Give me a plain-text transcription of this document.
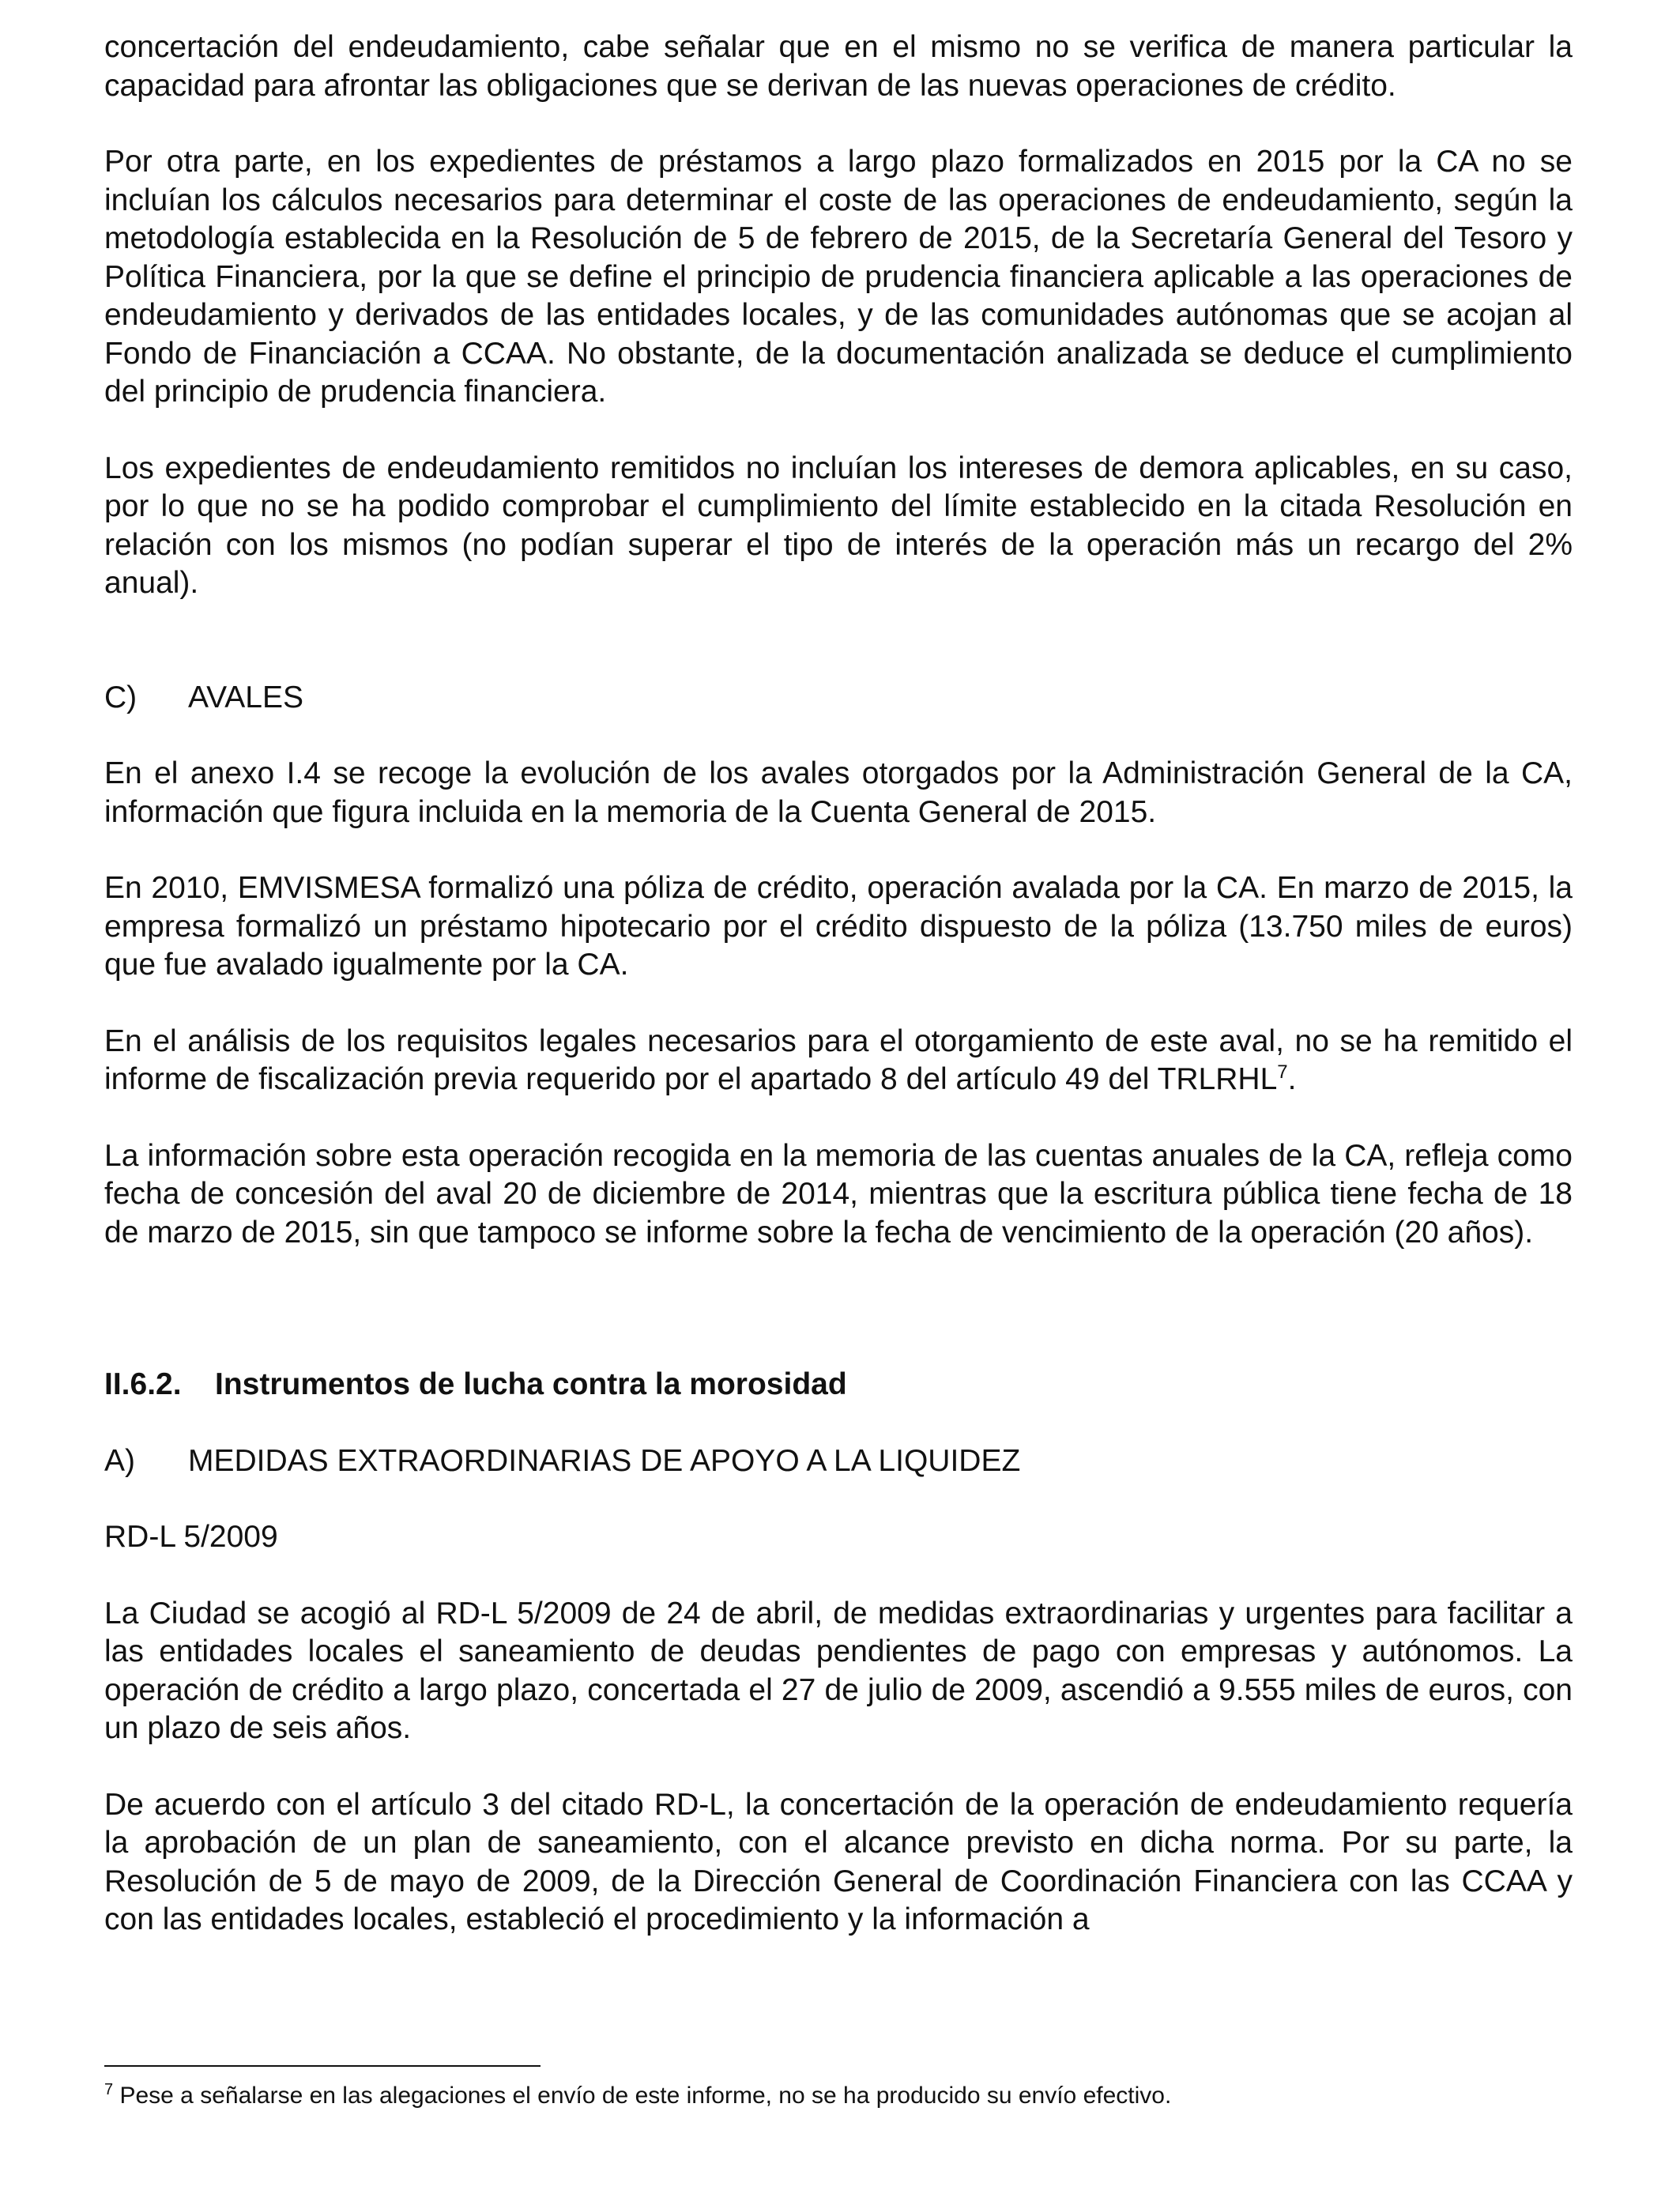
concertación del endeudamiento, cabe señalar que en el mismo no se verifica de manera particular la capacidad para afrontar las obligaciones que se derivan de las nuevas operaciones de crédito.

Por otra parte, en los expedientes de préstamos a largo plazo formalizados en 2015 por la CA no se incluían los cálculos necesarios para determinar el coste de las operaciones de endeudamiento, según la metodología establecida en la Resolución de 5 de febrero de 2015, de la Secretaría General del Tesoro y Política Financiera, por la que se define el principio de prudencia financiera aplicable a las operaciones de endeudamiento y derivados de las entidades locales, y de las comunidades autónomas que se acojan al Fondo de Financiación a CCAA. No obstante, de la documentación analizada se deduce el cumplimiento del principio de prudencia financiera.

Los expedientes de endeudamiento remitidos no incluían los intereses de demora aplicables, en su caso, por lo que no se ha podido comprobar el cumplimiento del límite establecido en la citada Resolución en relación con los mismos (no podían superar el tipo de interés de la operación más un recargo del 2% anual).

C)	AVALES

En el anexo I.4 se recoge la evolución de los avales otorgados por la Administración General de la CA, información que figura incluida en la memoria de la Cuenta General de 2015.

En 2010, EMVISMESA formalizó una póliza de crédito, operación avalada por la CA. En marzo de 2015, la empresa formalizó un préstamo hipotecario por el crédito dispuesto de la póliza (13.750 miles de euros) que fue avalado igualmente por la CA.

En el análisis de los requisitos legales necesarios para el otorgamiento de este aval, no se ha remitido el informe de fiscalización previa requerido por el apartado 8 del artículo 49 del TRLRHL$^7$.

La información sobre esta operación recogida en la memoria de las cuentas anuales de la CA, refleja como fecha de concesión del aval 20 de diciembre de 2014, mientras que la escritura pública tiene fecha de 18 de marzo de 2015, sin que tampoco se informe sobre la fecha de vencimiento de la operación (20 años).

II.6.2.	Instrumentos de lucha contra la morosidad
A)	MEDIDAS EXTRAORDINARIAS DE APOYO A LA LIQUIDEZ

RD-L 5/2009

La Ciudad se acogió al RD-L 5/2009 de 24 de abril, de medidas extraordinarias y urgentes para facilitar a las entidades locales el saneamiento de deudas pendientes de pago con empresas y autónomos. La operación de crédito a largo plazo, concertada el 27 de julio de 2009, ascendió a 9.555 miles de euros, con un plazo de seis años.

De acuerdo con el artículo 3 del citado RD-L, la concertación de la operación de endeudamiento requería la aprobación de un plan de saneamiento, con el alcance previsto en dicha norma. Por su parte, la Resolución de 5 de mayo de 2009, de la Dirección General de Coordinación Financiera con las CCAA y con las entidades locales, estableció el procedimiento y la información a

$^7$ Pese a señalarse en las alegaciones el envío de este informe, no se ha producido su envío efectivo.
